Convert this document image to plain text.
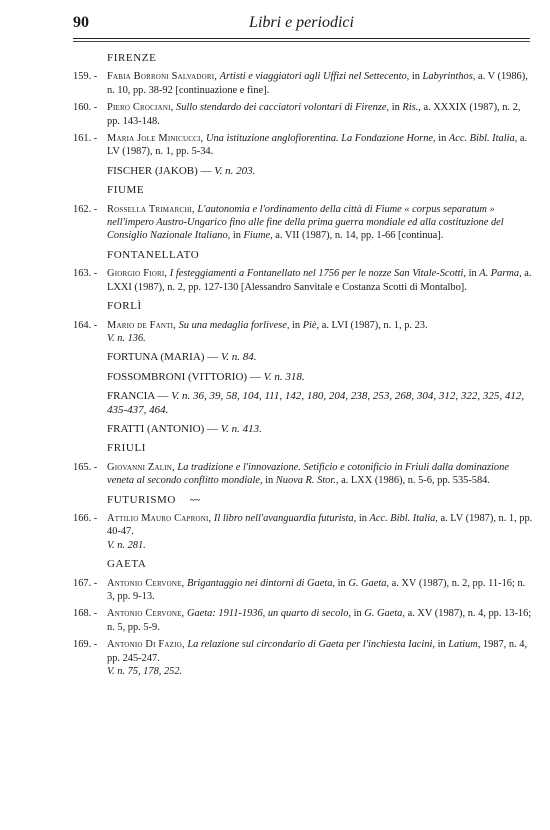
90	Libri e periodici
FIRENZE
159. - Fabia Borroni Salvadori, Artisti e viaggiatori agli Uffizi nel Settecento, in Labyrinthos, a. V (1986), n. 10, pp. 38-92 [continuazione e fine].
160. - Piero Crociani, Sullo stendardo dei cacciatori volontari di Firenze, in Ris., a. XXXIX (1987), n. 2, pp. 143-148.
161. - Maria Jole Minicucci, Una istituzione anglofiorentina. La Fondazione Horne, in Acc. Bibl. Italia, a. LV (1987), n. 1, pp. 5-34.
FISCHER (JAKOB) — V. n. 203.
FIUME
162. - Rossella Trimarchi, L'autonomia e l'ordinamento della città di Fiume « corpus separatum » nell'impero Austro-Ungarico fino alle fine della prima guerra mondiale ed alla costituzione del Consiglio Nazionale Italiano, in Fiume, a. VII (1987), n. 14, pp. 1-66 [continua].
FONTANELLATO
163. - Giorgio Fiori, I festeggiamenti a Fontanellato nel 1756 per le nozze San Vitale-Scotti, in A. Parma, a. LXXI (1987), n. 2, pp. 127-130 [Alessandro Sanvitale e Costanza Scotti di Montalbo].
FORLÌ
164. - Mario de Fanti, Su una medaglia forlivese, in Piè, a. LVI (1987), n. 1, p. 23.
V. n. 136.
FORTUNA (MARIA) — V. n. 84.
FOSSOMBRONI (VITTORIO) — V. n. 318.
FRANCIA — V. n. 36, 39, 58, 104, 111, 142, 180, 204, 238, 253, 268, 304, 312, 322, 325, 412, 435-437, 464.
FRATTI (ANTONIO) — V. n. 413.
FRIULI
165. - Giovanni Zalin, La tradizione e l'innovazione. Setificio e cotonificio in Friuli dalla dominazione veneta al secondo conflitto mondiale, in Nuova R. Stor., a. LXX (1986), n. 5-6, pp. 535-584.
FUTURISMO ~~
166. - Attilio Mauro Caproni, Il libro nell'avanguardia futurista, in Acc. Bibl. Italia, a. LV (1987), n. 1, pp. 40-47.
V. n. 281.
GAETA
167. - Antonio Cervone, Brigantaggio nei dintorni di Gaeta, in G. Gaeta, a. XV (1987), n. 2, pp. 11-16; n. 3, pp. 9-13.
168. - Antonio Cervone, Gaeta: 1911-1936, un quarto di secolo, in G. Gaeta, a. XV (1987), n. 4, pp. 13-16; n. 5, pp. 5-9.
169. - Antonio Di Fazio, La relazione sul circondario di Gaeta per l'inchiesta Iacini, in Latium, 1987, n. 4, pp. 245-247.
V. n. 75, 178, 252.
